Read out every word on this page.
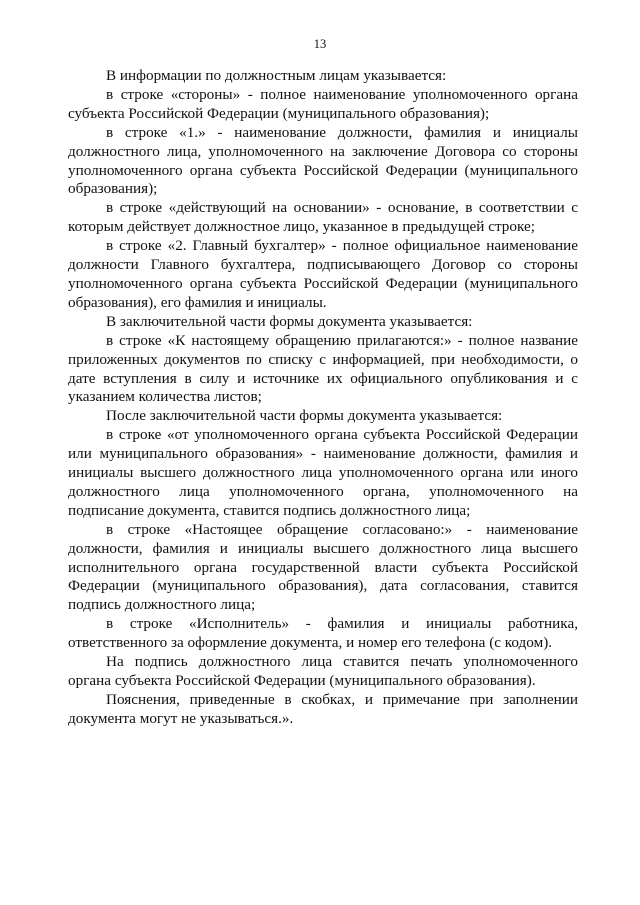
13

В информации по должностным лицам указывается:

в строке «стороны» - полное наименование уполномоченного органа субъекта Российской Федерации (муниципального образования);

в строке «1.» - наименование должности, фамилия и инициалы должностного лица, уполномоченного на заключение Договора со стороны уполномоченного органа субъекта Российской Федерации (муниципального образования);

в строке «действующий на основании» - основание, в соответствии с которым действует должностное лицо, указанное в предыдущей строке;

в строке «2. Главный бухгалтер» - полное официальное наименование должности Главного бухгалтера, подписывающего Договор со стороны уполномоченного органа субъекта Российской Федерации (муниципального образования), его фамилия и инициалы.

В заключительной части формы документа указывается:

в строке «К настоящему обращению прилагаются:» - полное название приложенных документов по списку с информацией, при необходимости, о дате вступления в силу и источнике их официального опубликования и с указанием количества листов;

После заключительной части формы документа указывается:

в строке «от уполномоченного органа субъекта Российской Федерации или муниципального образования» - наименование должности, фамилия и инициалы высшего должностного лица уполномоченного органа или иного должностного лица уполномоченного органа, уполномоченного на подписание документа, ставится подпись должностного лица;

в строке «Настоящее обращение согласовано:» - наименование должности, фамилия и инициалы высшего должностного лица высшего исполнительного органа государственной власти субъекта Российской Федерации (муниципального образования), дата согласования, ставится подпись должностного лица;

в строке «Исполнитель» - фамилия и инициалы работника, ответственного за оформление документа, и номер его телефона (с кодом).

На подпись должностного лица ставится печать уполномоченного органа субъекта Российской Федерации (муниципального образования).

Пояснения, приведенные в скобках, и примечание при заполнении документа могут не указываться.».
